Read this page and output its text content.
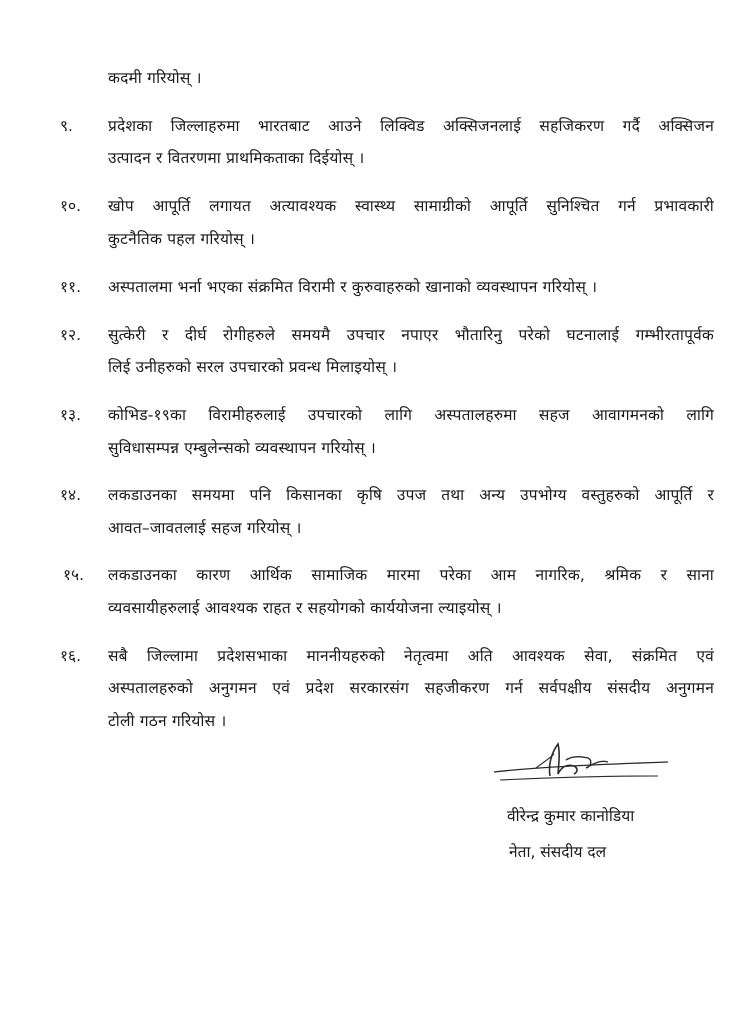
कदमी गरियोस् ।
९. प्रदेशका जिल्लाहरुमा भारतबाट आउने लिक्विड अक्सिजनलाई सहजिकरण गर्दै अक्सिजन
उत्पादन र वितरणमा प्राथमिकताका दिईयोस् ।
१०. खोप आपूर्ति लगायत अत्यावश्यक स्वास्थ्य सामाग्रीको आपूर्ति सुनिश्चित गर्न प्रभावकारी
कुटनैतिक पहल गरियोस् ।
११. अस्पतालमा भर्ना भएका संक्रमित विरामी र कुरुवाहरुको खानाको व्यवस्थापन गरियोस् ।
१२. सुत्केरी र दीर्घ रोगीहरुले समयमै उपचार नपाएर भौतारिनु परेको घटनालाई गम्भीरतापूर्वक
लिई उनीहरुको सरल उपचारको प्रवन्ध मिलाइयोस् ।
१३. कोभिड-१९का विरामीहरुलाई उपचारको लागि अस्पतालहरुमा सहज आवागमनको लागि
सुविधासम्पन्न एम्बुलेन्सको व्यवस्थापन गरियोस् ।
१४. लकडाउनका समयमा पनि किसानका कृषि उपज तथा अन्य उपभोग्य वस्तुहरुको आपूर्ति र
आवत–जावतलाई सहज गरियोस् ।
१५. लकडाउनका कारण आर्थिक सामाजिक मारमा परेका आम नागरिक, श्रमिक र साना
व्यवसायीहरुलाई आवश्यक राहत र सहयोगको कार्ययोजना ल्याइयोस् ।
१६. सबै जिल्लामा प्रदेशसभाका माननीयहरुको नेतृत्वमा अति आवश्यक सेवा, संक्रमित एवं
अस्पतालहरुको अनुगमन एवं प्रदेश सरकारसंग सहजीकरण गर्न सर्वपक्षीय संसदीय अनुगमन
टोली गठन गरियोस ।
वीरेन्द्र कुमार कानोडिया
नेता, संसदीय दल
